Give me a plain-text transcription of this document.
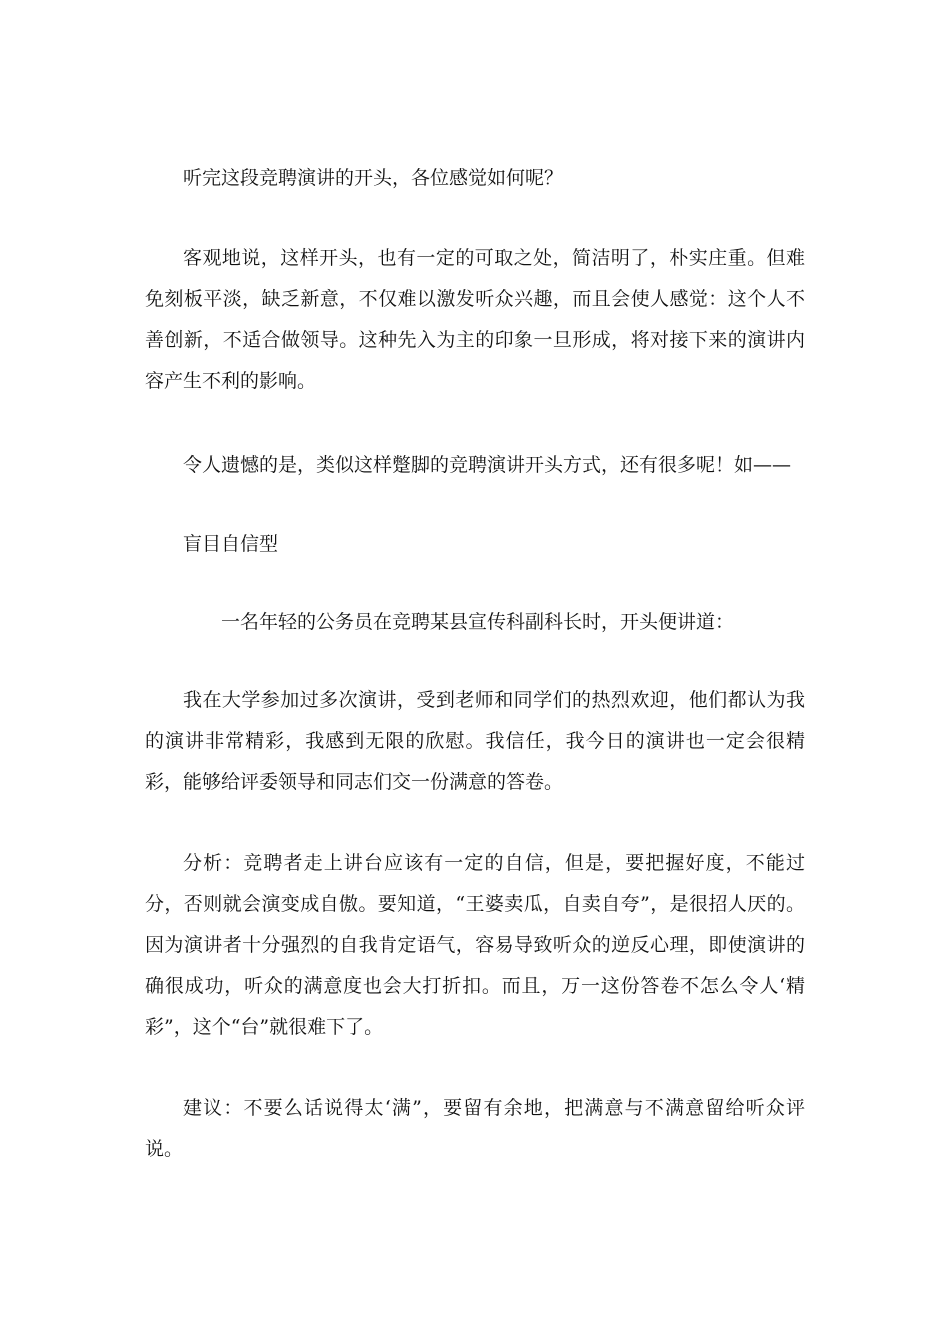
听完这段竞聘演讲的开头，各位感觉如何呢？

客观地说，这样开头，也有一定的可取之处，简洁明了，朴实庄重。但难免刻板平淡，缺乏新意，不仅难以激发听众兴趣，而且会使人感觉：这个人不善创新，不适合做领导。这种先入为主的印象一旦形成，将对接下来的演讲内容产生不利的影响。

令人遗憾的是，类似这样蹩脚的竞聘演讲开头方式，还有很多呢！如——

盲目自信型

一名年轻的公务员在竞聘某县宣传科副科长时，开头便讲道：

我在大学参加过多次演讲，受到老师和同学们的热烈欢迎，他们都认为我的演讲非常精彩，我感到无限的欣慰。我信任，我今日的演讲也一定会很精彩，能够给评委领导和同志们交一份满意的答卷。

分析：竞聘者走上讲台应该有一定的自信，但是，要把握好度，不能过分，否则就会演变成自傲。要知道，“王婆卖瓜，自卖自夸”，是很招人厌的。因为演讲者十分强烈的自我肯定语气，容易导致听众的逆反心理，即使演讲的确很成功，听众的满意度也会大打折扣。而且，万一这份答卷不怎么令人‘精彩”，这个“台”就很难下了。

建议：不要么话说得太‘满”，要留有余地，把满意与不满意留给听众评说。
